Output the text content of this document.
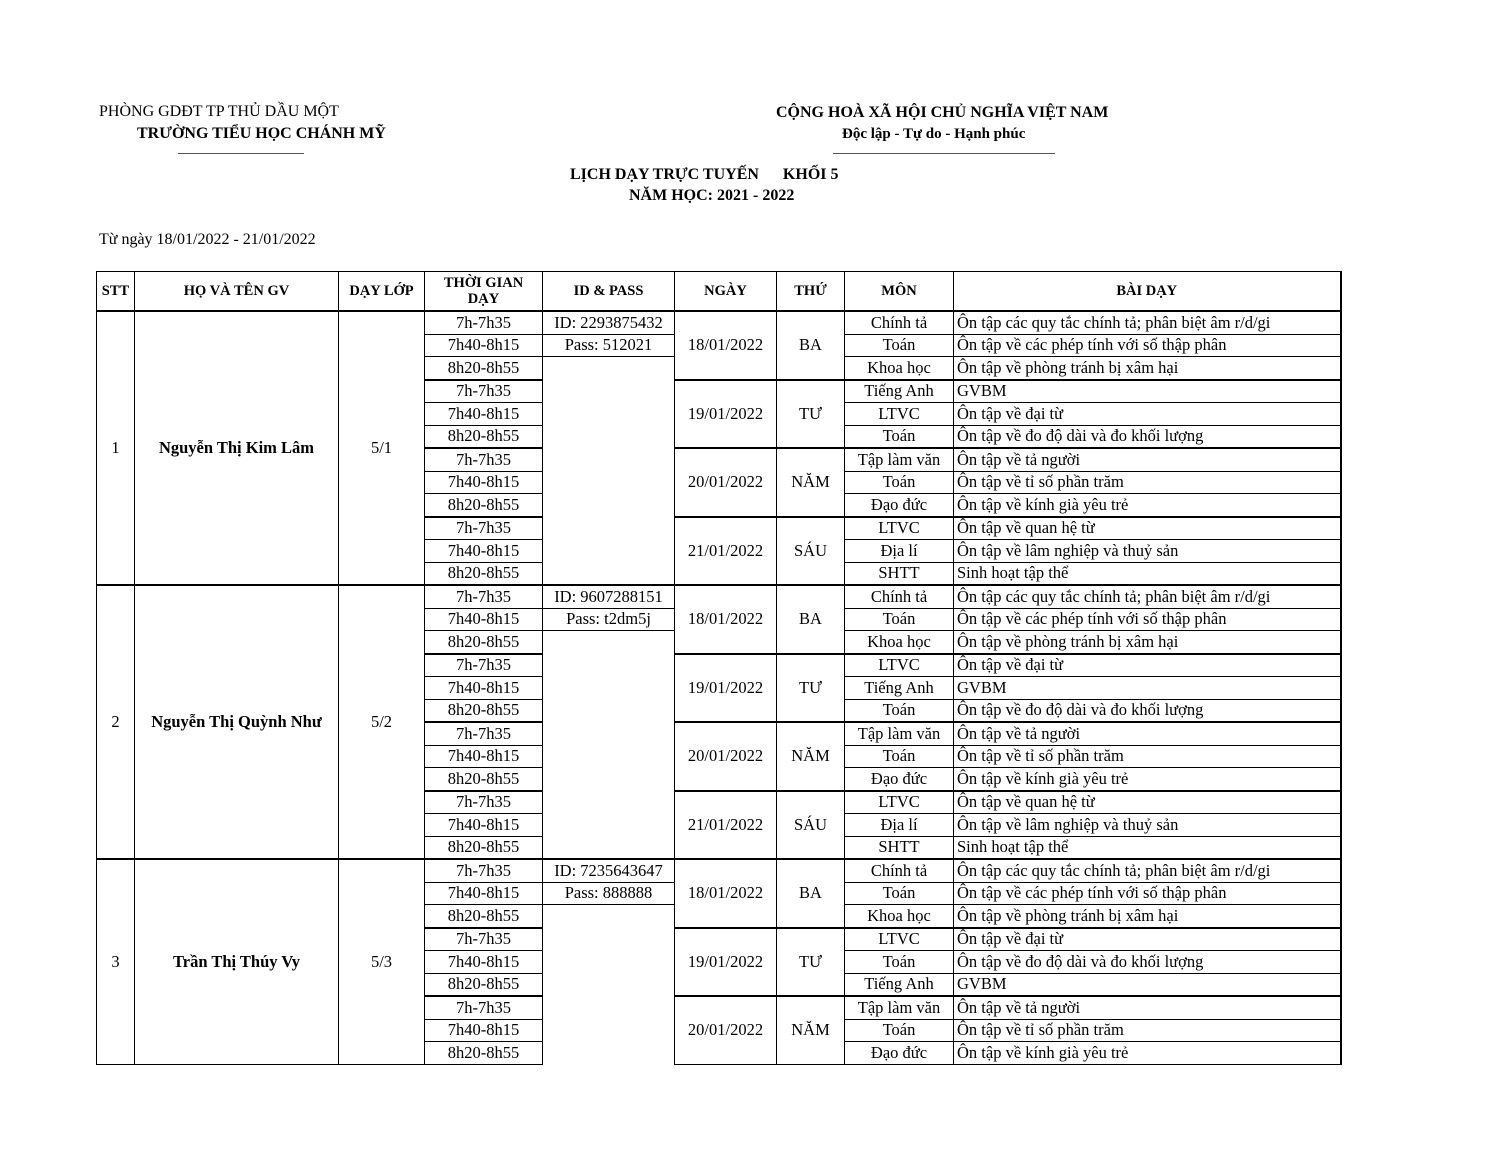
PHÒNG GDĐT TP THỦ DẦU MỘT
TRƯỜNG TIỂU HỌC CHÁNH MỸ
CỘNG HOÀ XÃ HỘI CHỦ NGHĨA VIỆT NAM
Độc lập - Tự do - Hạnh phúc
LỊCH DẠY TRỰC TUYẾN KHỐI 5
NĂM HỌC: 2021 - 2022
Từ ngày 18/01/2022 - 21/01/2022
STT	HỌ VÀ TÊN GV	DẠY LỚP	THỜI GIAN DẠY	ID & PASS	NGÀY	THỨ	MÔN	BÀI DẠY
1	Nguyễn Thị Kim Lâm	5/1	7h-7h35	ID: 2293875432	18/01/2022	BA	Chính tả	Ôn tập các quy tắc chính tả; phân biệt âm r/d/gi
			7h40-8h15	Pass: 512021			Toán	Ôn tập về các phép tính với số thập phân
			8h20-8h55				Khoa học	Ôn tập về phòng tránh bị xâm hại
			7h-7h35		19/01/2022	TƯ	Tiếng Anh	GVBM
			7h40-8h15				LTVC	Ôn tập về đại từ
			8h20-8h55				Toán	Ôn tập về đo độ dài và đo khối lượng
			7h-7h35		20/01/2022	NĂM	Tập làm văn	Ôn tập về tả người
			7h40-8h15				Toán	Ôn tập về tỉ số phần trăm
			8h20-8h55				Đạo đức	Ôn tập về kính già yêu trẻ
			7h-7h35		21/01/2022	SÁU	LTVC	Ôn tập về quan hệ từ
			7h40-8h15				Địa lí	Ôn tập về lâm nghiệp và thuỷ sản
			8h20-8h55				SHTT	Sinh hoạt tập thể
2	Nguyễn Thị Quỳnh Như	5/2	7h-7h35	ID: 9607288151	18/01/2022	BA	Chính tả	Ôn tập các quy tắc chính tả; phân biệt âm r/d/gi
			7h40-8h15	Pass: t2dm5j			Toán	Ôn tập về các phép tính với số thập phân
			8h20-8h55				Khoa học	Ôn tập về phòng tránh bị xâm hại
			7h-7h35		19/01/2022	TƯ	LTVC	Ôn tập về đại từ
			7h40-8h15				Tiếng Anh	GVBM
			8h20-8h55				Toán	Ôn tập về đo độ dài và đo khối lượng
			7h-7h35		20/01/2022	NĂM	Tập làm văn	Ôn tập về tả người
			7h40-8h15				Toán	Ôn tập về tỉ số phần trăm
			8h20-8h55				Đạo đức	Ôn tập về kính già yêu trẻ
			7h-7h35		21/01/2022	SÁU	LTVC	Ôn tập về quan hệ từ
			7h40-8h15				Địa lí	Ôn tập về lâm nghiệp và thuỷ sản
			8h20-8h55				SHTT	Sinh hoạt tập thể
3	Trần Thị Thúy Vy	5/3	7h-7h35	ID: 7235643647	18/01/2022	BA	Chính tả	Ôn tập các quy tắc chính tả; phân biệt âm r/d/gi
			7h40-8h15	Pass: 888888			Toán	Ôn tập về các phép tính với số thập phân
			8h20-8h55				Khoa học	Ôn tập về phòng tránh bị xâm hại
			7h-7h35		19/01/2022	TƯ	LTVC	Ôn tập về đại từ
			7h40-8h15				Toán	Ôn tập về đo độ dài và đo khối lượng
			8h20-8h55				Tiếng Anh	GVBM
			7h-7h35		20/01/2022	NĂM	Tập làm văn	Ôn tập về tả người
			7h40-8h15				Toán	Ôn tập về tỉ số phần trăm
			8h20-8h55				Đạo đức	Ôn tập về kính già yêu trẻ
